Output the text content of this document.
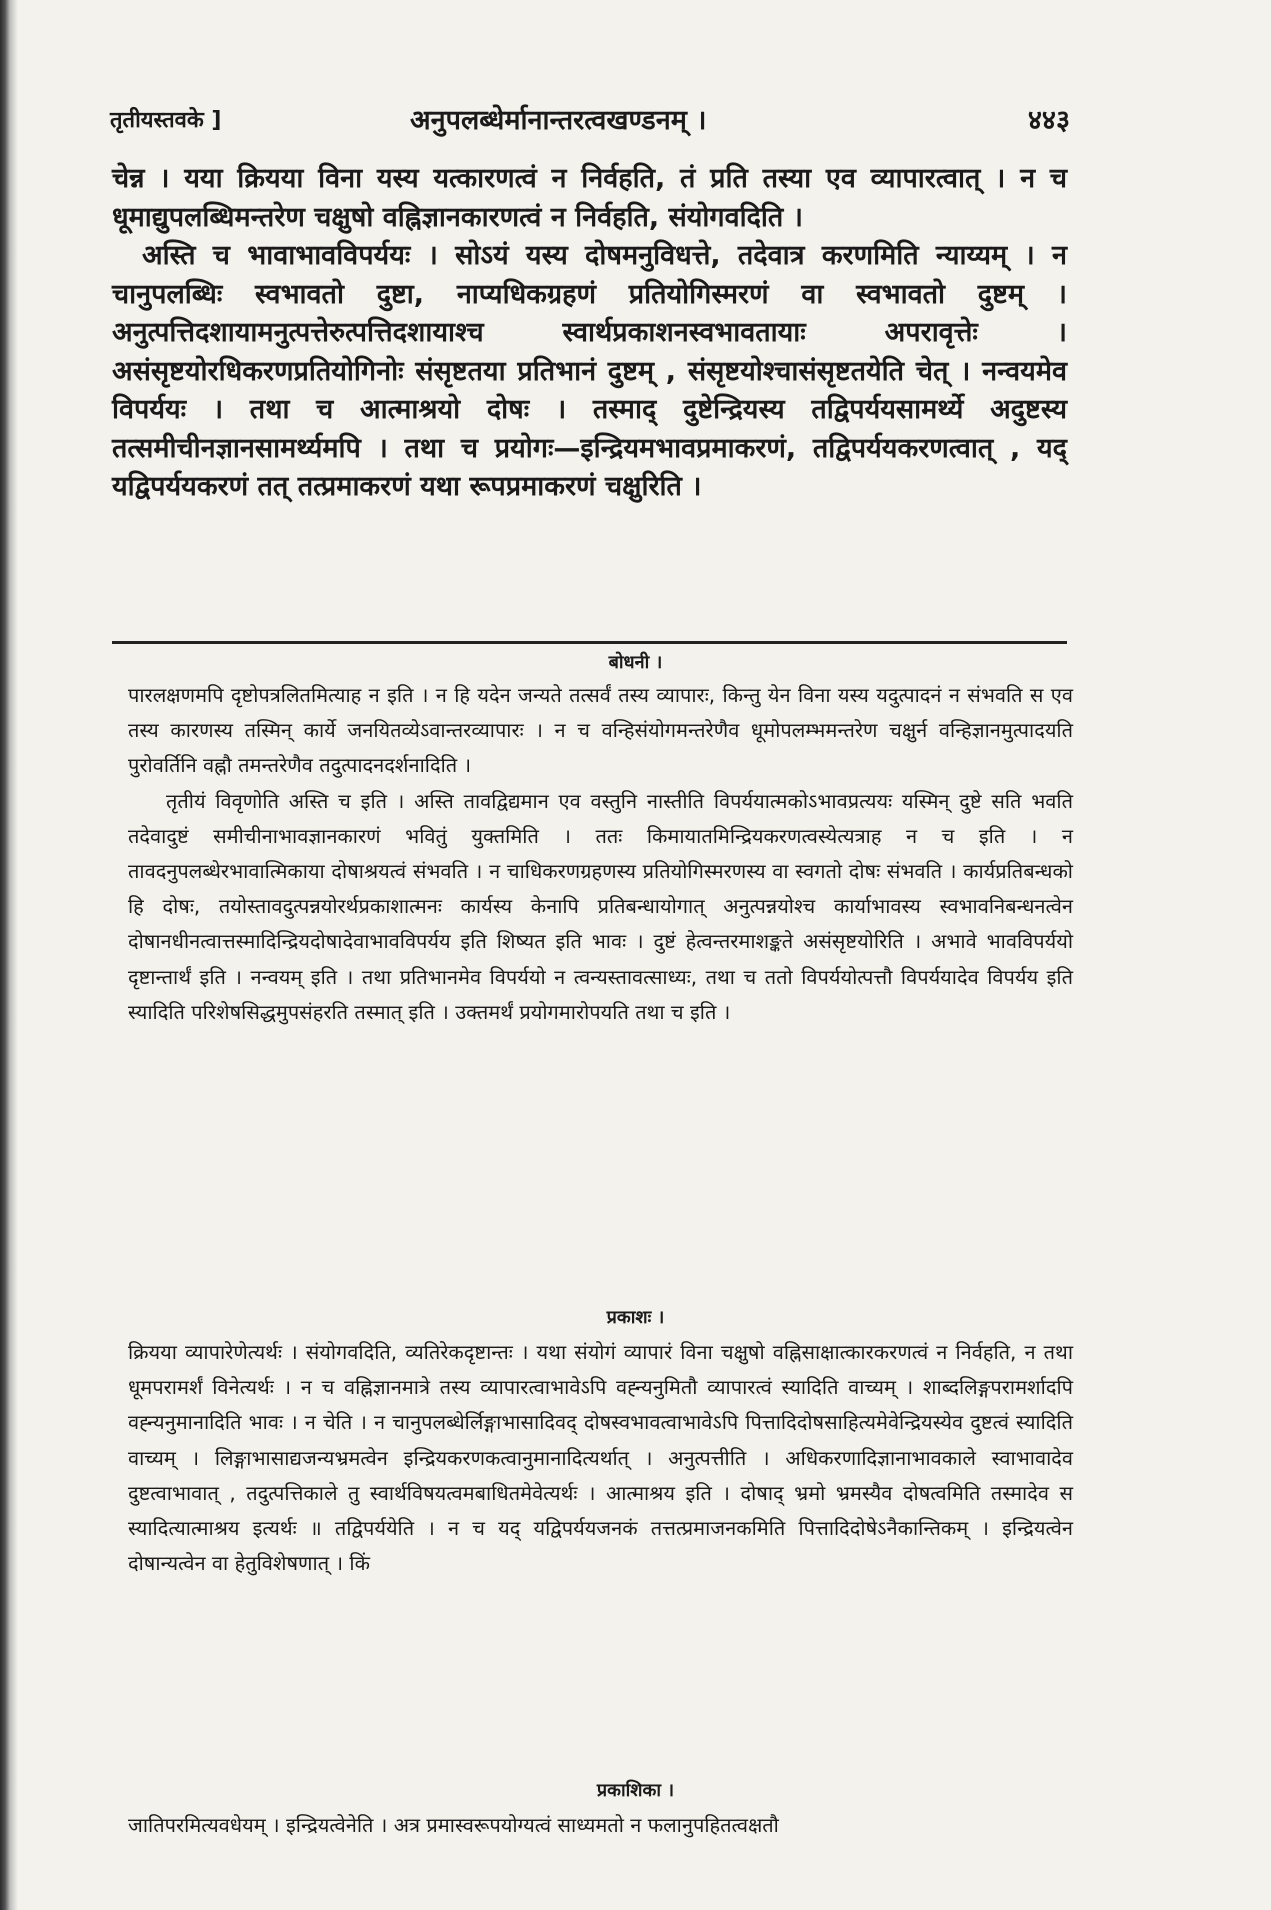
तृतीयस्तवके ]	अनुपलब्धेर्मानान्तरत्वखण्डनम् ।	४४३

चेन्न । यया क्रियया विना यस्य यत्कारणत्वं न निर्वहति, तं प्रति तस्या एव व्यापारत्वात् । न च धूमाद्युपलब्धिमन्तरेण चक्षुषो वह्निज्ञानकारणत्वं न निर्वहति, संयोगवदिति ।

अस्ति च भावाभावविपर्ययः । सोऽयं यस्य दोषमनुविधत्ते, तदेवात्र करणमिति न्याय्यम् । न चानुपलब्धिः स्वभावतो दुष्टा, नाप्यधिकग्रहणं प्रतियोगिस्मरणं वा स्वभावतो दुष्टम् । अनुत्पत्तिदशायामनुत्पत्तेरुत्पत्तिदशायाश्च स्वार्थप्रकाशनस्वभावतायाः अपरावृत्तेः । असंसृष्टयोरधिकरणप्रतियोगिनोः संसृष्टतया प्रतिभानं दुष्टम् , संसृष्टयोश्चासंसृष्टतयेति चेत् । नन्वयमेव विपर्ययः । तथा च आत्माश्रयो दोषः । तस्माद् दुष्टेन्द्रियस्य तद्विपर्ययसामर्थ्ये अदुष्टस्य तत्समीचीनज्ञानसामर्थ्यमपि । तथा च प्रयोगः—इन्द्रियमभावप्रमाकरणं, तद्विपर्ययकरणत्वात् , यद् यद्विपर्ययकरणं तत् तत्प्रमाकरणं यथा रूपप्रमाकरणं चक्षुरिति ।

बोधनी ।

पारलक्षणमपि दृष्टोपत्रलितमित्याह न इति । न हि यदेन जन्यते तत्सर्वं तस्य व्यापारः, किन्तु येन विना यस्य यदुत्पादनं न संभवति स एव तस्य कारणस्य तस्मिन् कार्ये जनयितव्येऽवान्तरव्यापारः । न च वन्हिसंयोगमन्तरेणैव धूमोपलम्भमन्तरेण चक्षुर्न वन्हिज्ञानमुत्पादयति पुरोवर्तिनि वह्नौ तमन्तरेणैव तदुत्पादनदर्शनादिति ।

तृतीयं विवृणोति अस्ति च इति । अस्ति तावद्विद्यमान एव वस्तुनि नास्तीति विपर्ययात्मकोऽभावप्रत्ययः यस्मिन् दुष्टे सति भवति तदेवादुष्टं समीचीनाभावज्ञानकारणं भवितुं युक्तमिति । ततः किमायातमिन्द्रियकरणत्वस्येत्यत्राह न च इति । न तावदनुपलब्धेरभावात्मिकाया दोषाश्रयत्वं संभवति । न चाधिकरणग्रहणस्य प्रतियोगिस्मरणस्य वा स्वगतो दोषः संभवति । कार्यप्रतिबन्धको हि दोषः, तयोस्तावदुत्पन्नयोरर्थप्रकाशात्मनः कार्यस्य केनापि प्रतिबन्धायोगात् अनुत्पन्नयोश्च कार्याभावस्य स्वभावनिबन्धनत्वेन दोषानधीनत्वात्तस्मादिन्द्रियदोषादेवाभावविपर्यय इति शिष्यत इति भावः । दुष्टं हेत्वन्तरमाशङ्कते असंसृष्टयोरिति । अभावे भावविपर्ययो दृष्टान्तार्थं इति । नन्वयम् इति । तथा प्रतिभानमेव विपर्ययो न त्वन्यस्तावत्साध्यः, तथा च ततो विपर्ययोत्पत्तौ विपर्ययादेव विपर्यय इति स्यादिति परिशेषसिद्धमुपसंहरति तस्मात् इति । उक्तमर्थं प्रयोगमारोपयति तथा च इति ।

प्रकाशः ।

क्रियया व्यापारेणेत्यर्थः । संयोगवदिति, व्यतिरेकदृष्टान्तः । यथा संयोगं व्यापारं विना चक्षुषो वह्निसाक्षात्कारकरणत्वं न निर्वहति, न तथा धूमपरामर्शं विनेत्यर्थः । न च वह्निज्ञानमात्रे तस्य व्यापारत्वाभावेऽपि वह्न्यनुमितौ व्यापारत्वं स्यादिति वाच्यम् । शाब्दलिङ्गपरामर्शादपि वह्न्यनुमानादिति भावः । न चेति । न चानुपलब्धेर्लिङ्गाभासादिवद् दोषस्वभावत्वाभावेऽपि पित्तादिदोषसाहित्यमेवेन्द्रियस्येव दुष्टत्वं स्यादिति वाच्यम् । लिङ्गाभासाद्यजन्यभ्रमत्वेन इन्द्रियकरणकत्वानुमानादित्यर्थात् । अनुत्पत्तीति । अधिकरणादिज्ञानाभावकाले स्वाभावादेव दुष्टत्वाभावात् , तदुत्पत्तिकाले तु स्वार्थविषयत्वमबाधितमेवेत्यर्थः । आत्माश्रय इति । दोषाद् भ्रमो भ्रमस्यैव दोषत्वमिति तस्मादेव स स्यादित्यात्माश्रय इत्यर्थः ॥ तद्विपर्ययेति । न च यद् यद्विपर्ययजनकं तत्तत्प्रमाजनकमिति पित्तादिदोषेऽनैकान्तिकम् । इन्द्रियत्वेन दोषान्यत्वेन वा हेतुविशेषणात् । किं

प्रकाशिका ।

जातिपरमित्यवधेयम् । इन्द्रियत्वेनेति । अत्र प्रमास्वरूपयोग्यत्वं साध्यमतो न फलानुपहितत्वक्षतौ
